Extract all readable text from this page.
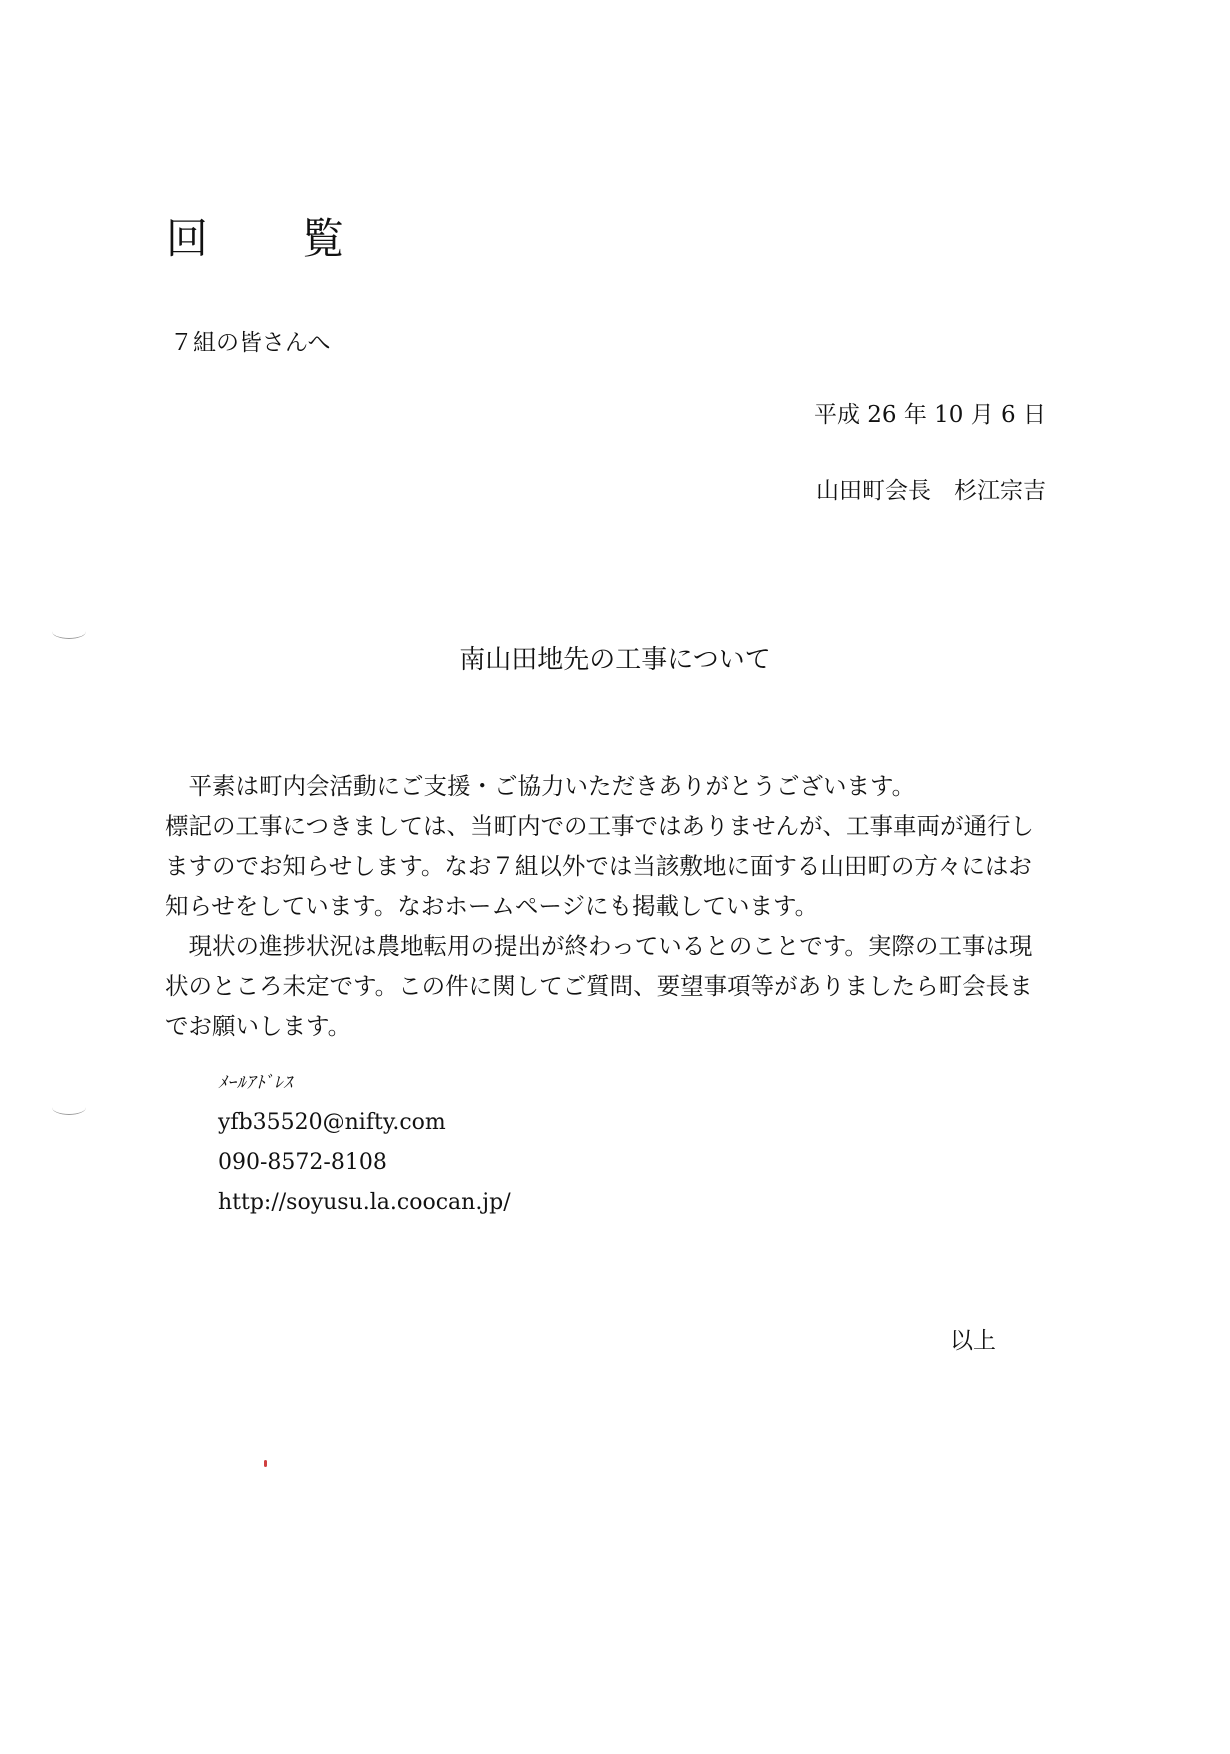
回　覧
７組の皆さんへ
平成 26 年 10 月 6 日
山田町会長　杉江宗吉
南山田地先の工事について

平素は町内会活動にご支援・ご協力いただきありがとうございます。

標記の工事につきましては、当町内での工事ではありませんが、工事車両が通行しますのでお知らせします。なお７組以外では当該敷地に面する山田町の方々にはお知らせをしています。なおホームページにも掲載しています。

現状の進捗状況は農地転用の提出が終わっているとのことです。実際の工事は現状のところ未定です。この件に関してご質問、要望事項等がありましたら町会長までお願いします。

ﾒｰﾙｱﾄﾞﾚｽ
yfb35520@nifty.com
090-8572-8108
http://soyusu.la.coocan.jp/
以上
